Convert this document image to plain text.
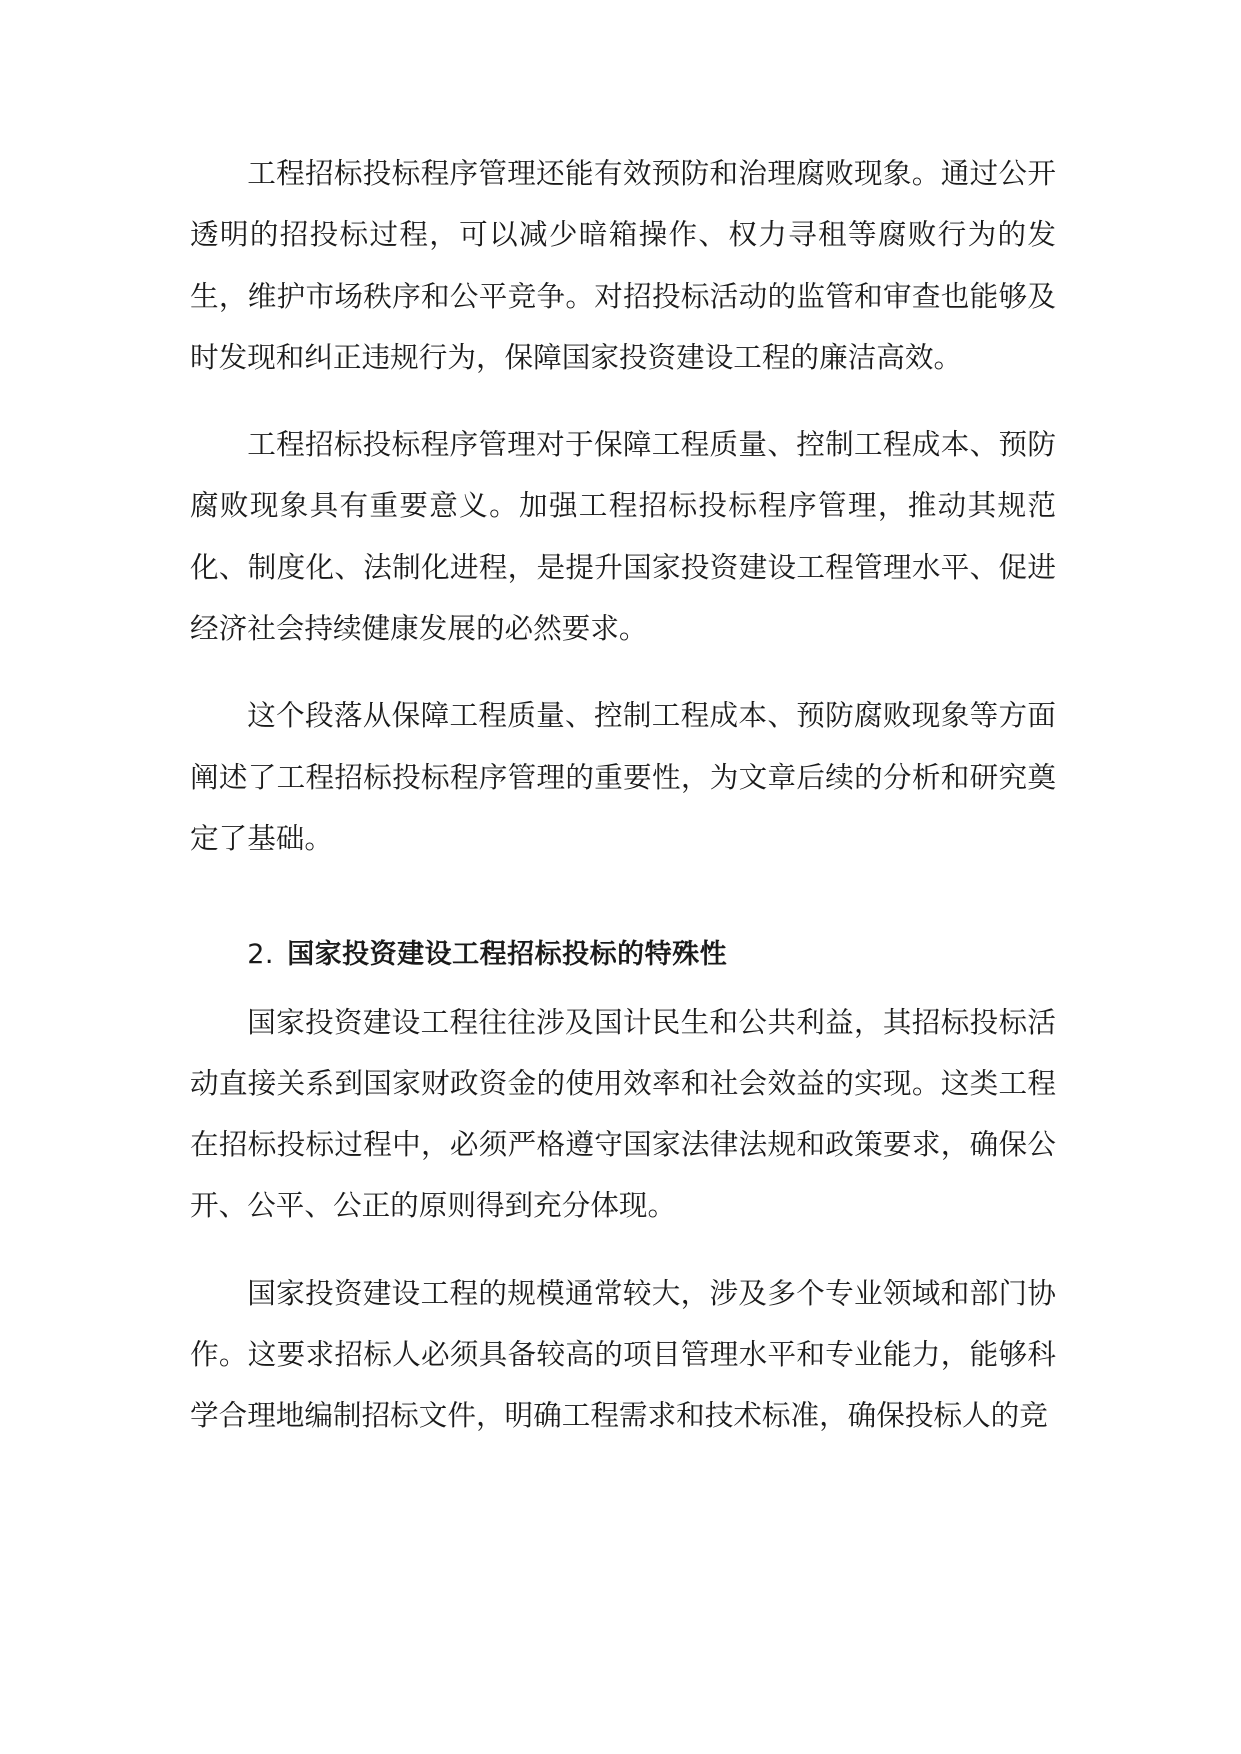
工程招标投标程序管理还能有效预防和治理腐败现象。通过公开透明的招投标过程，可以减少暗箱操作、权力寻租等腐败行为的发生，维护市场秩序和公平竞争。对招投标活动的监管和审查也能够及时发现和纠正违规行为，保障国家投资建设工程的廉洁高效。

工程招标投标程序管理对于保障工程质量、控制工程成本、预防腐败现象具有重要意义。加强工程招标投标程序管理，推动其规范化、制度化、法制化进程，是提升国家投资建设工程管理水平、促进经济社会持续健康发展的必然要求。

这个段落从保障工程质量、控制工程成本、预防腐败现象等方面阐述了工程招标投标程序管理的重要性，为文章后续的分析和研究奠定了基础。

2. 国家投资建设工程招标投标的特殊性

国家投资建设工程往往涉及国计民生和公共利益，其招标投标活动直接关系到国家财政资金的使用效率和社会效益的实现。这类工程在招标投标过程中，必须严格遵守国家法律法规和政策要求，确保公开、公平、公正的原则得到充分体现。

国家投资建设工程的规模通常较大，涉及多个专业领域和部门协作。这要求招标人必须具备较高的项目管理水平和专业能力，能够科学合理地编制招标文件，明确工程需求和技术标准，确保投标人的竞
